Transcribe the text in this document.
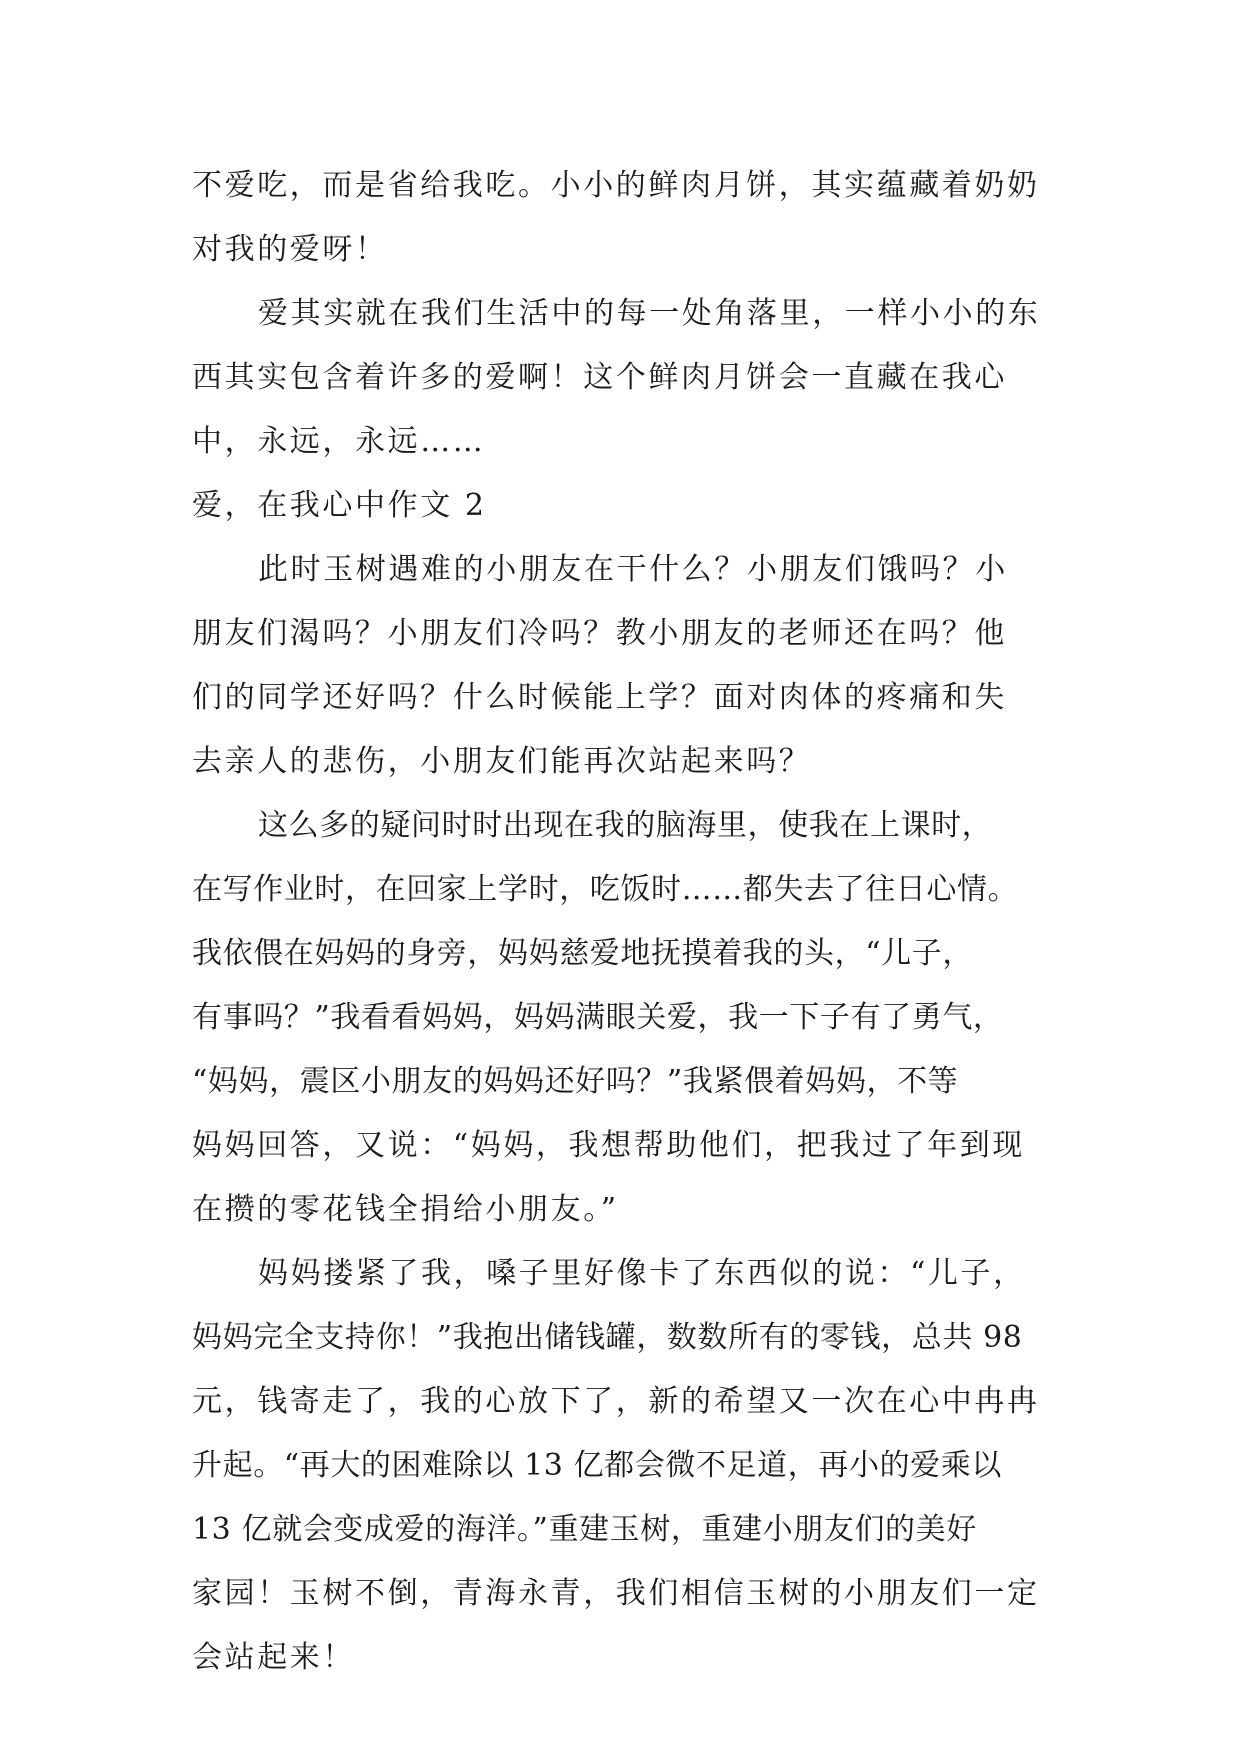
不爱吃，而是省给我吃。小小的鲜肉月饼，其实蕴藏着奶奶
对我的爱呀！
爱其实就在我们生活中的每一处角落里，一样小小的东
西其实包含着许多的爱啊！这个鲜肉月饼会一直藏在我心
中，永远，永远……
爱，在我心中作文 2
此时玉树遇难的小朋友在干什么？小朋友们饿吗？小
朋友们渴吗？小朋友们冷吗？教小朋友的老师还在吗？他
们的同学还好吗？什么时候能上学？面对肉体的疼痛和失
去亲人的悲伤，小朋友们能再次站起来吗？
这么多的疑问时时出现在我的脑海里，使我在上课时，
在写作业时，在回家上学时，吃饭时……都失去了往日心情。
我依偎在妈妈的身旁，妈妈慈爱地抚摸着我的头，“儿子，
有事吗？”我看看妈妈，妈妈满眼关爱，我一下子有了勇气，
“妈妈，震区小朋友的妈妈还好吗？”我紧偎着妈妈，不等
妈妈回答，又说：“妈妈，我想帮助他们，把我过了年到现
在攒的零花钱全捐给小朋友。”
妈妈搂紧了我，嗓子里好像卡了东西似的说：“儿子，
妈妈完全支持你！”我抱出储钱罐，数数所有的零钱，总共 98
元，钱寄走了，我的心放下了，新的希望又一次在心中冉冉
升起。“再大的困难除以 13 亿都会微不足道，再小的爱乘以
13 亿就会变成爱的海洋。”重建玉树，重建小朋友们的美好
家园！玉树不倒，青海永青，我们相信玉树的小朋友们一定
会站起来！
